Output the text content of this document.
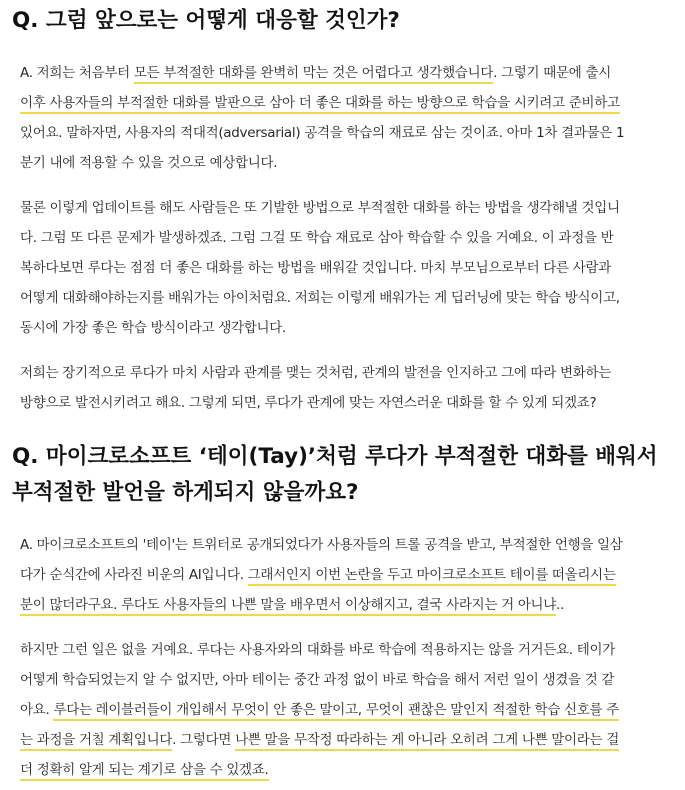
Q. 그럼 앞으로는 어떻게 대응할 것인가?
A. 저희는 처음부터 모든 부적절한 대화를 완벽히 막는 것은 어렵다고 생각했습니다. 그렇기 때문에 출시
이후 사용자들의 부적절한 대화를 발판으로 삼아 더 좋은 대화를 하는 방향으로 학습을 시키려고 준비하고
있어요. 말하자면, 사용자의 적대적(adversarial) 공격을 학습의 재료로 삼는 것이죠. 아마 1차 결과물은 1
분기 내에 적용할 수 있을 것으로 예상합니다.
물론 이렇게 업데이트를 해도 사람들은 또 기발한 방법으로 부적절한 대화를 하는 방법을 생각해낼 것입니
다. 그럼 또 다른 문제가 발생하겠죠. 그럼 그걸 또 학습 재료로 삼아 학습할 수 있을 거예요. 이 과정을 반
복하다보면 루다는 점점 더 좋은 대화를 하는 방법을 배워갈 것입니다. 마치 부모님으로부터 다른 사람과
어떻게 대화해야하는지를 배워가는 아이처럼요. 저희는 이렇게 배워가는 게 딥러닝에 맞는 학습 방식이고,
동시에 가장 좋은 학습 방식이라고 생각합니다.
저희는 장기적으로 루다가 마치 사람과 관계를 맺는 것처럼, 관계의 발전을 인지하고 그에 따라 변화하는
방향으로 발전시키려고 해요. 그렇게 되면, 루다가 관계에 맞는 자연스러운 대화를 할 수 있게 되겠죠?
Q. 마이크로소프트 ‘테이(Tay)’처럼 루다가 부적절한 대화를 배워서
부적절한 발언을 하게되지 않을까요?
A. 마이크로소프트의 '테이'는 트위터로 공개되었다가 사용자들의 트롤 공격을 받고, 부적절한 언행을 일삼
다가 순식간에 사라진 비운의 AI입니다. 그래서인지 이번 논란을 두고 마이크로소프트 테이를 떠올리시는
분이 많더라구요. 루다도 사용자들의 나쁜 말을 배우면서 이상해지고, 결국 사라지는 거 아니냐..
하지만 그런 일은 없을 거예요. 루다는 사용자와의 대화를 바로 학습에 적용하지는 않을 거거든요. 테이가
어떻게 학습되었는지 알 수 없지만, 아마 테이는 중간 과정 없이 바로 학습을 해서 저런 일이 생겼을 것 같
아요. 루다는 레이블러들이 개입해서 무엇이 안 좋은 말이고, 무엇이 괜찮은 말인지 적절한 학습 신호를 주
는 과정을 거칠 계획입니다. 그렇다면 나쁜 말을 무작정 따라하는 게 아니라 오히려 그게 나쁜 말이라는 걸
더 정확히 알게 되는 계기로 삼을 수 있겠죠.
